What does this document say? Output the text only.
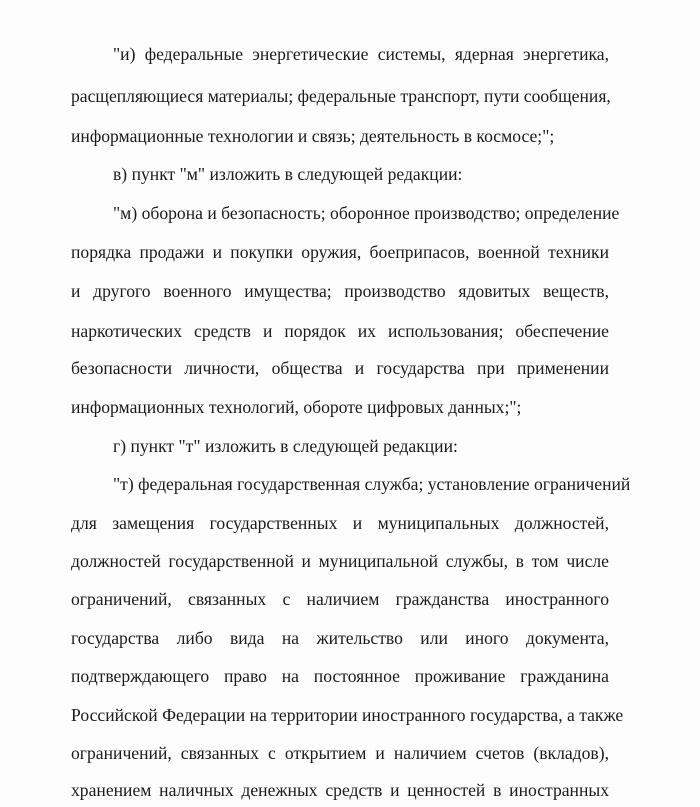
"и) федеральные энергетические системы, ядерная энергетика,

расщепляющиеся материалы; федеральные транспорт, пути сообщения,

информационные технологии и связь; деятельность в космосе;";

в) пункт "м" изложить в следующей редакции:

"м) оборона и безопасность; оборонное производство; определение

порядка продажи и покупки оружия, боеприпасов, военной техники

и другого военного имущества; производство ядовитых веществ,

наркотических средств и порядок их использования; обеспечение

безопасности личности, общества и государства при применении

информационных технологий, обороте цифровых данных;";

г) пункт "т" изложить в следующей редакции:

"т) федеральная государственная служба; установление ограничений

для замещения государственных и муниципальных должностей,

должностей государственной и муниципальной службы, в том числе

ограничений, связанных с наличием гражданства иностранного

государства либо вида на жительство или иного документа,

подтверждающего право на постоянное проживание гражданина

Российской Федерации на территории иностранного государства, а также

ограничений, связанных с открытием и наличием счетов (вкладов),

хранением наличных денежных средств и ценностей в иностранных
